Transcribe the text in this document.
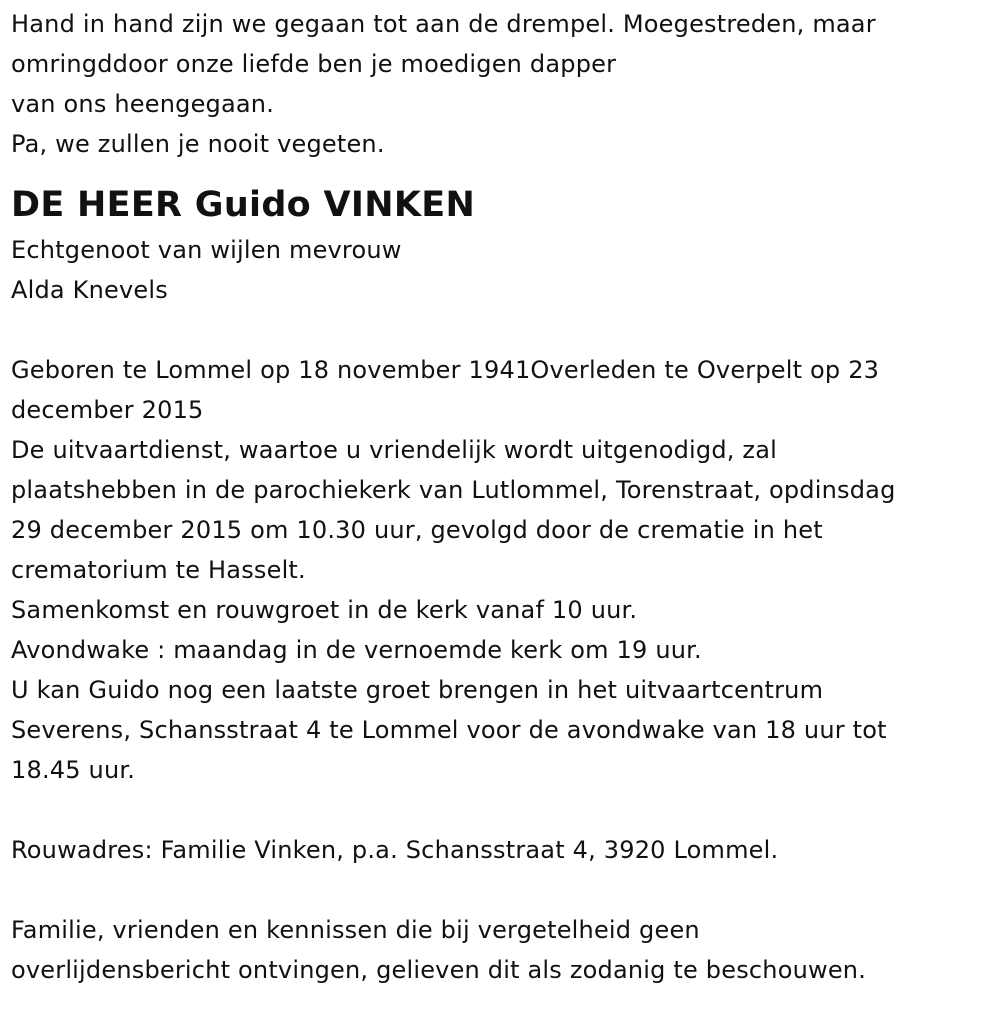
Hand in hand zijn we gegaan tot aan de drempel. Moegestreden, maar
omringddoor onze liefde ben je moedigen dapper
van ons heengegaan.
Pa, we zullen je nooit vegeten.
DE HEER Guido VINKEN
Echtgenoot van wijlen mevrouw
Alda Knevels
Geboren te Lommel op 18 november 1941Overleden te Overpelt op 23
december 2015
De uitvaartdienst, waartoe u vriendelijk wordt uitgenodigd, zal
plaatshebben in de parochiekerk van Lutlommel, Torenstraat, opdinsdag
29 december 2015 om 10.30 uur, gevolgd door de crematie in het
crematorium te Hasselt.
Samenkomst en rouwgroet in de kerk vanaf 10 uur.
Avondwake : maandag in de vernoemde kerk om 19 uur.
U kan Guido nog een laatste groet brengen in het uitvaartcentrum
Severens, Schansstraat 4 te Lommel voor de avondwake van 18 uur tot
18.45 uur.
Rouwadres: Familie Vinken, p.a. Schansstraat 4, 3920 Lommel.
Familie, vrienden en kennissen die bij vergetelheid geen
overlijdensbericht ontvingen, gelieven dit als zodanig te beschouwen.
